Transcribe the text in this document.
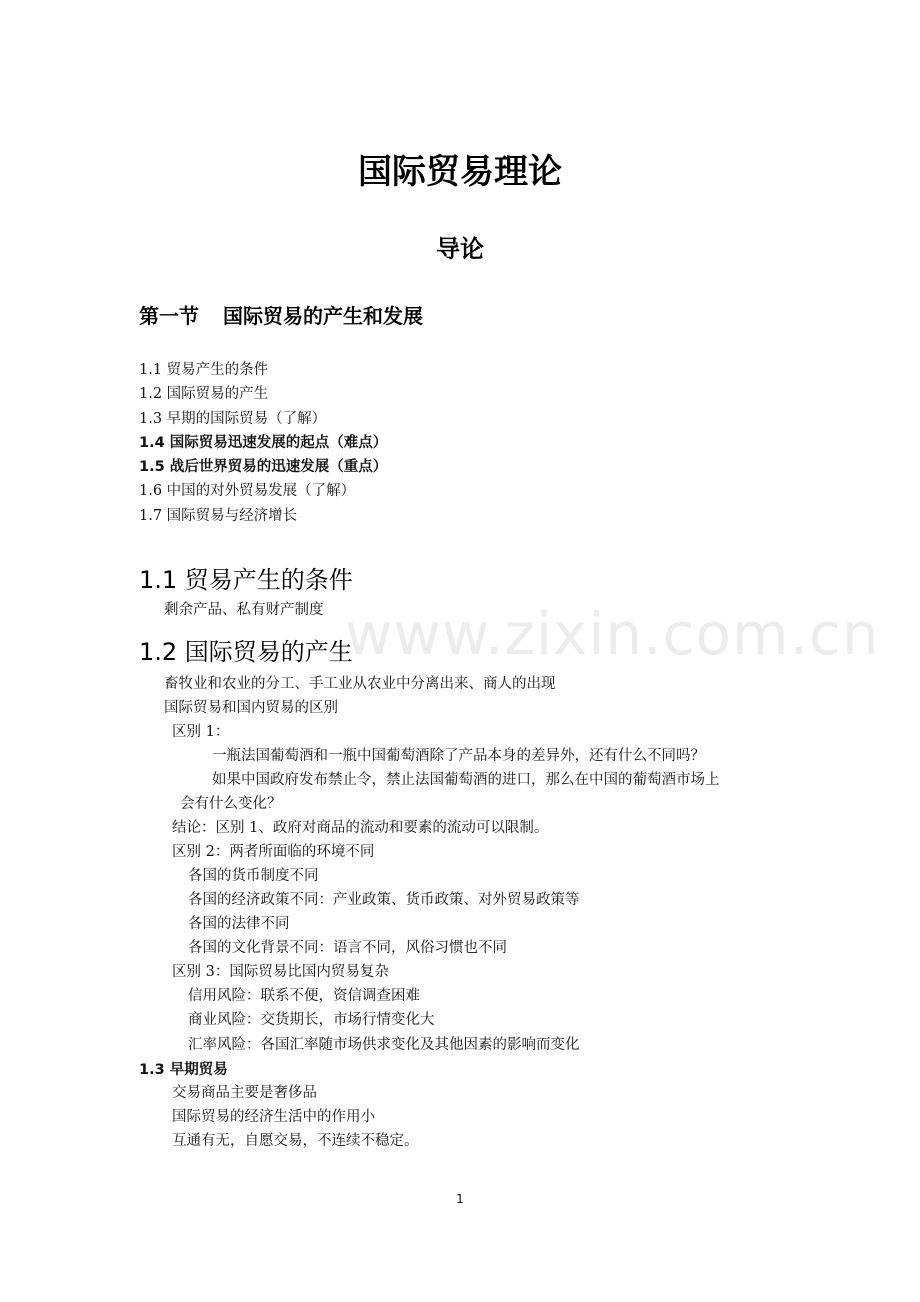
www.zixin.com.cn
国际贸易理论
导论
第一节 国际贸易的产生和发展
1.1 贸易产生的条件
1.2 国际贸易的产生
1.3 早期的国际贸易（了解）
1.4 国际贸易迅速发展的起点（难点）
1.5 战后世界贸易的迅速发展（重点）
1.6 中国的对外贸易发展（了解）
1.7 国际贸易与经济增长
1.1 贸易产生的条件
剩余产品、私有财产制度
1.2 国际贸易的产生
畜牧业和农业的分工、手工业从农业中分离出来、商人的出现
国际贸易和国内贸易的区别
区别 1：
一瓶法国葡萄酒和一瓶中国葡萄酒除了产品本身的差异外，还有什么不同吗？
如果中国政府发布禁止令，禁止法国葡萄酒的进口，那么在中国的葡萄酒市场上
会有什么变化？
结论：区别 1、政府对商品的流动和要素的流动可以限制。
区别 2：两者所面临的环境不同
各国的货币制度不同
各国的经济政策不同：产业政策、货币政策、对外贸易政策等
各国的法律不同
各国的文化背景不同：语言不同，风俗习惯也不同
区别 3：国际贸易比国内贸易复杂
信用风险：联系不便，资信调查困难
商业风险：交货期长，市场行情变化大
汇率风险：各国汇率随市场供求变化及其他因素的影响而变化
1.3 早期贸易
交易商品主要是奢侈品
国际贸易的经济生活中的作用小
互通有无，自愿交易，不连续不稳定。
1
